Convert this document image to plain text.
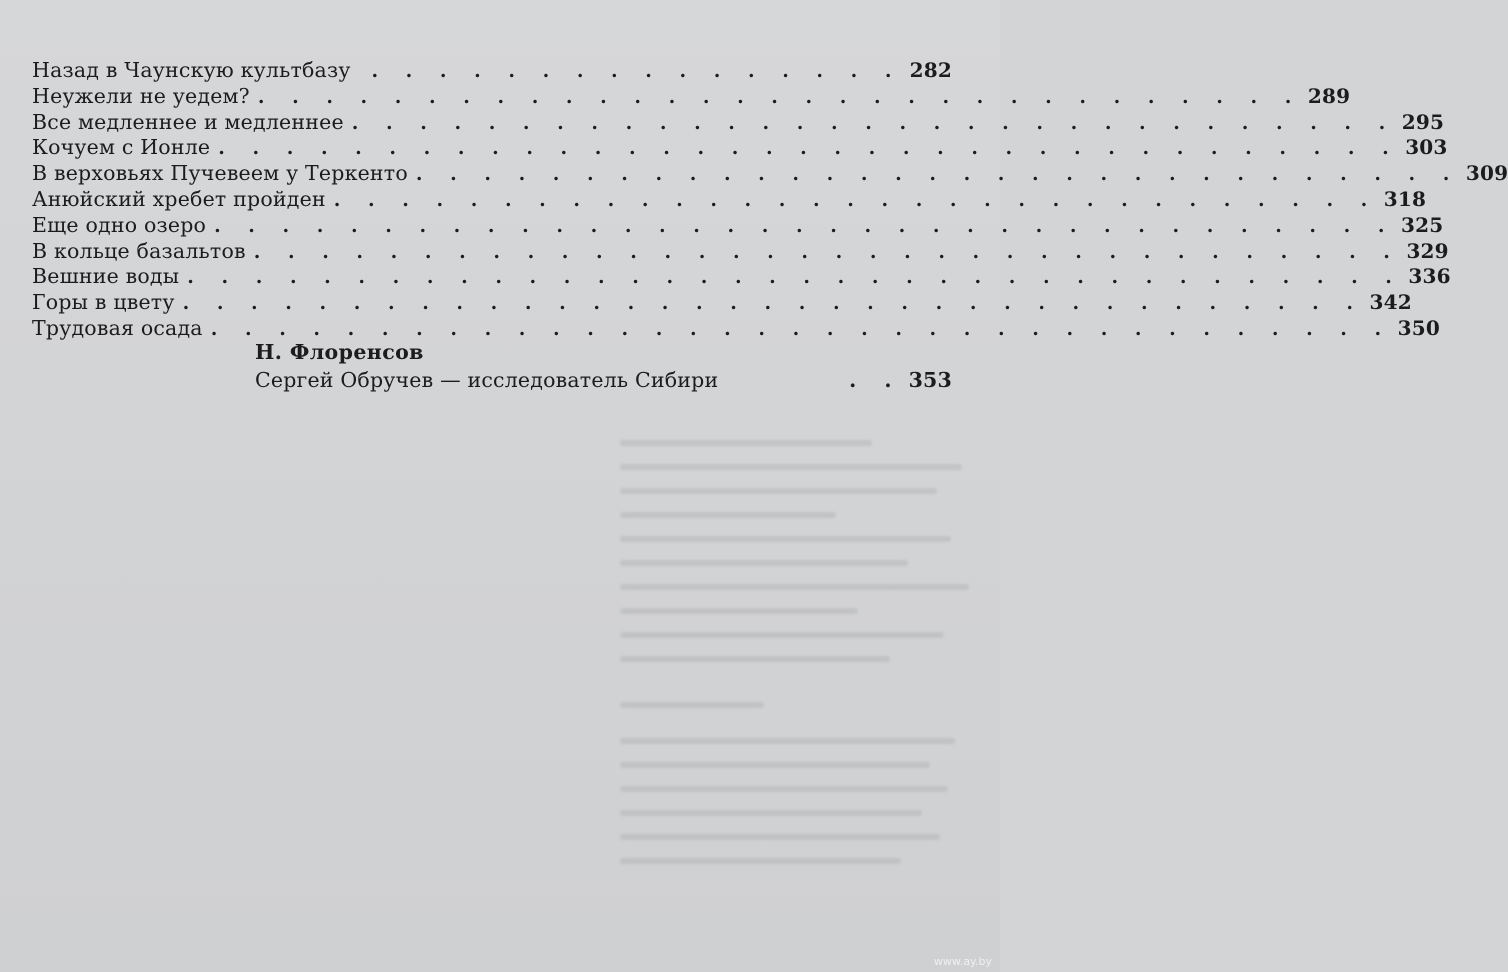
Назад в Чаунскую культбазу	. . . . . . . . . . . . . . . . 282
Неужели не уедем? . . . . . . . . . . . . . . . . . . . . . . . . . . . . . . . 289
Все медленнее и медленнее . . . . . . . . . . . . . . . . . . . . . . . . . . . . . . . 295
Кочуем с Ионле . . . . . . . . . . . . . . . . . . . . . . . . . . . . . . . . . . . 303
В верховьях Пучевеем у Теркенто . . . . . . . . . . . . . . . . . . . . . . . . . . . . . . . 309
Анюйский хребет пройден . . . . . . . . . . . . . . . . . . . . . . . . . . . . . . . 318
Еще одно озеро . . . . . . . . . . . . . . . . . . . . . . . . . . . . . . . . . . . 325
В кольце базальтов . . . . . . . . . . . . . . . . . . . . . . . . . . . . . . . . . . 329
Вешние воды . . . . . . . . . . . . . . . . . . . . . . . . . . . . . . . . . . . . 336
Горы в цвету . . . . . . . . . . . . . . . . . . . . . . . . . . . . . . . . . . . 342
Трудовая осада . . . . . . . . . . . . . . . . . . . . . . . . . . . . . . . . . . . 350
Н. Флоренсов
Сергей Обручев — исследователь Сибири	. . 353
www.ay.by
